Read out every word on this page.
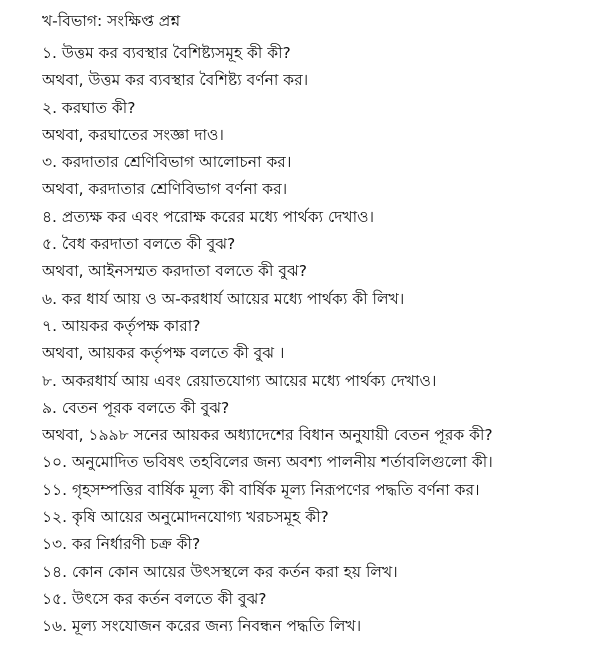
খ-বিভাগ: সংক্ষিপ্ত প্রশ্ন
১. উত্তম কর ব্যবস্থার বৈশিষ্ট্যসমূহ কী কী?
অথবা, উত্তম কর ব্যবস্থার বৈশিষ্ট্য বর্ণনা কর।
২. করঘাত কী?
অথবা, করঘাতের সংজ্ঞা দাও।
৩. করদাতার শ্রেণিবিভাগ আলোচনা কর।
অথবা, করদাতার শ্রেণিবিভাগ বর্ণনা কর।
৪. প্রত্যক্ষ কর এবং পরোক্ষ করের মধ্যে পার্থক্য দেখাও।
৫. বৈধ করদাতা বলতে কী বুঝ?
অথবা, আইনসম্মত করদাতা বলতে কী বুঝ?
৬. কর ধার্য আয় ও অ-করধার্য আয়ের মধ্যে পার্থক্য কী লিখ।
৭. আয়কর কর্তৃপক্ষ কারা?
অথবা, আয়কর কর্তৃপক্ষ বলতে কী বুঝ ।
৮. অকরধার্য আয় এবং রেয়াতযোগ্য আয়ের মধ্যে পার্থক্য দেখাও।
৯. বেতন পূরক বলতে কী বুঝ?
অথবা, ১৯৯৮ সনের আয়কর অধ্যাদেশের বিধান অনুযায়ী বেতন পূরক কী?
১০. অনুমোদিত ভবিষৎ তহবিলের জন্য অবশ্য পালনীয় শর্তাবলিগুলো কী।
১১. গৃহসম্পত্তির বার্ষিক মূল্য কী বার্ষিক মূল্য নিরূপণের পদ্ধতি বর্ণনা কর।
১২. কৃষি আয়ের অনুমোদনযোগ্য খরচসমূহ কী?
১৩. কর নির্ধারণী চক্র কী?
১৪. কোন কোন আয়ের উৎসস্থলে কর কর্তন করা হয় লিখ।
১৫. উৎসে কর কর্তন বলতে কী বুঝ?
১৬. মূল্য সংযোজন করের জন্য নিবন্ধন পদ্ধতি লিখ।
